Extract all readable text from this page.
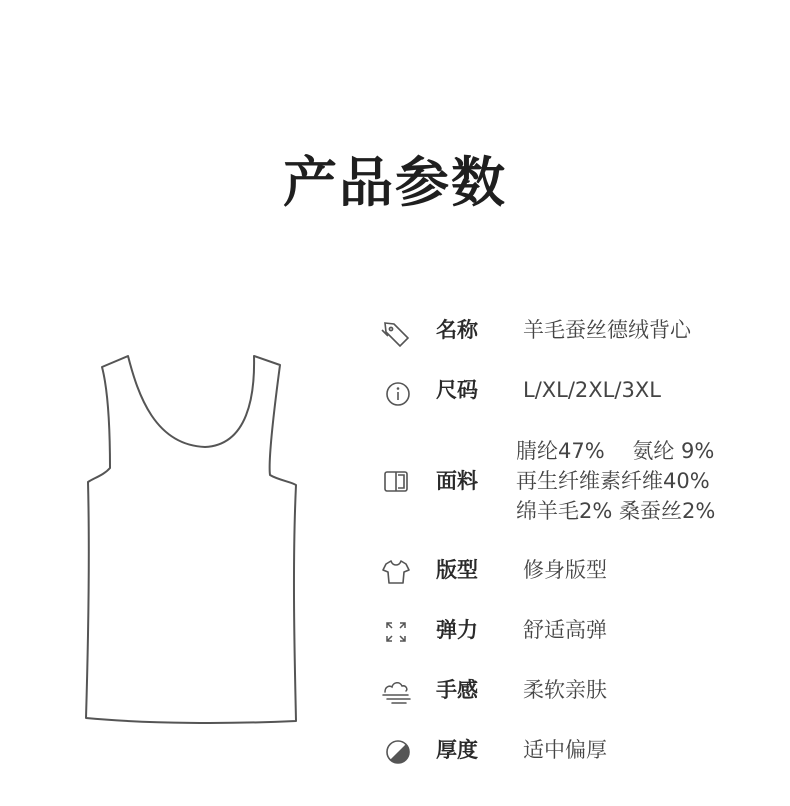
产品参数
名称 羊毛蚕丝德绒背心
尺码 L/XL/2XL/3XL
面料
腈纶47%　 氨纶 9%
再生纤维素纤维40%
绵羊毛2% 桑蚕丝2%
版型 修身版型
弹力 舒适高弹
手感 柔软亲肤
厚度 适中偏厚
